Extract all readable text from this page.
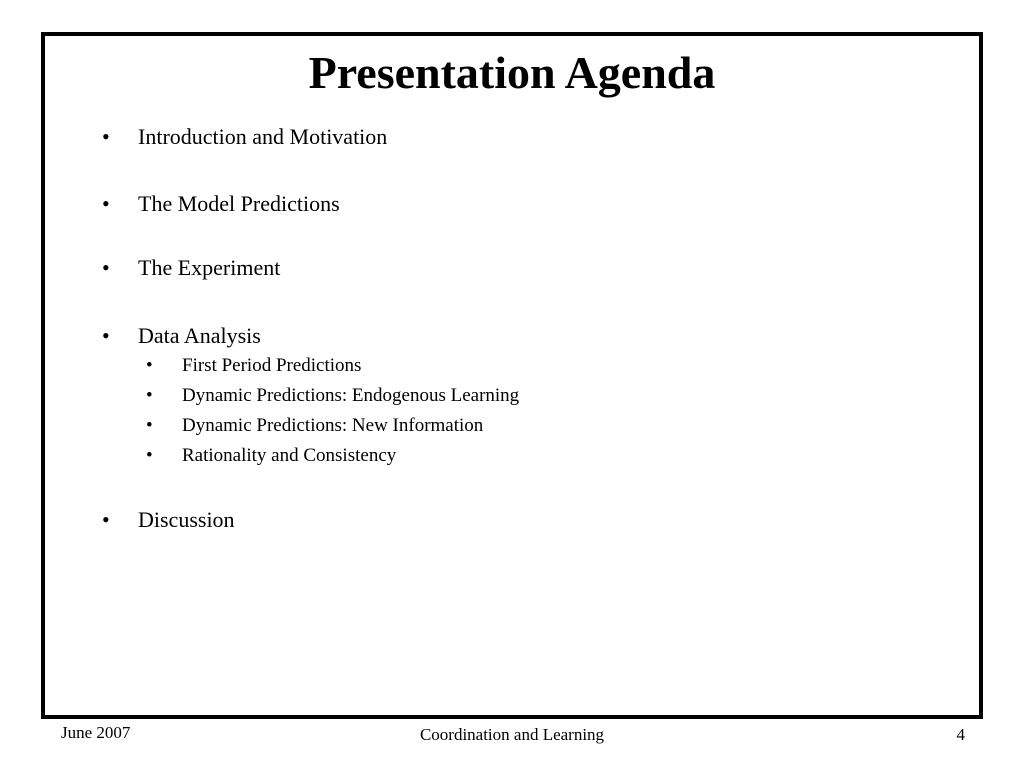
Presentation Agenda
• Introduction and Motivation
• The Model Predictions
• The Experiment
• Data Analysis
• First Period Predictions
• Dynamic Predictions: Endogenous Learning
• Dynamic Predictions: New Information
• Rationality and Consistency
• Discussion
June 2007	Coordination and Learning	4
